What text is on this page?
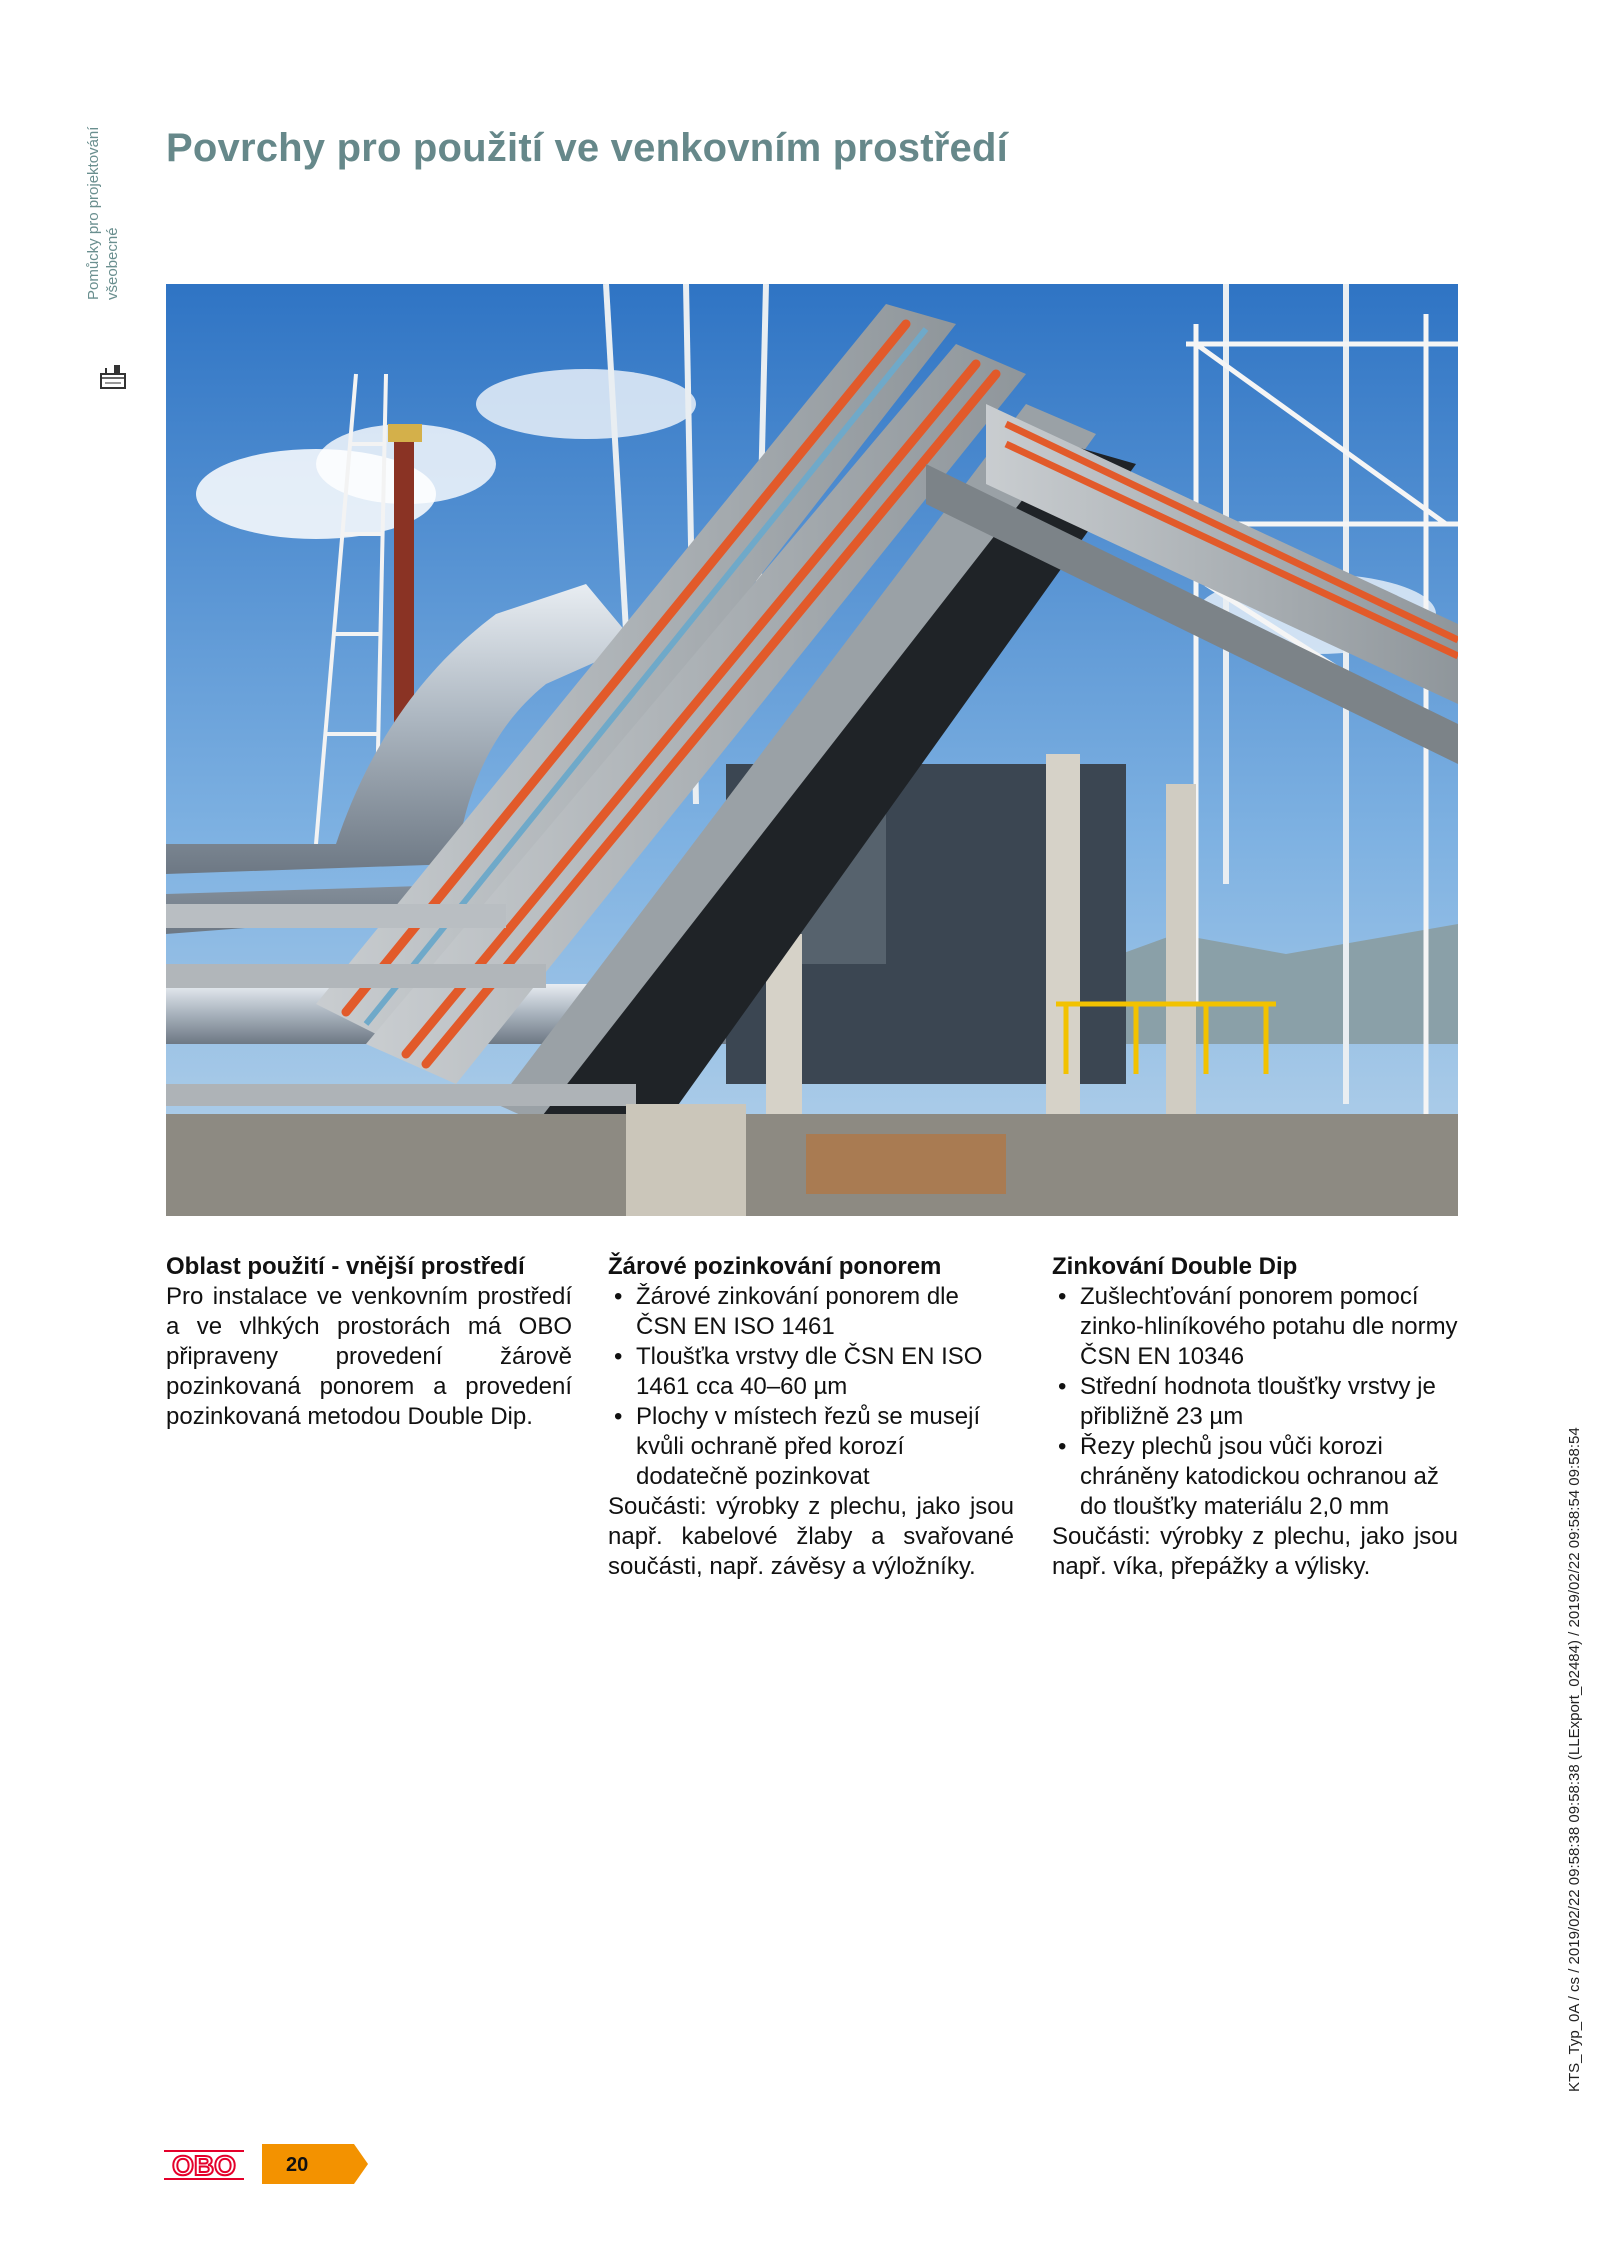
Pomůcky pro projektování všeobecné
Povrchy pro použití ve venkovním prostředí
Oblast použití - vnější prostředí

Pro instalace ve venkovním prostředí a ve vlhkých prostorách má OBO připraveny provedení žárově pozinkovaná ponorem a provedení pozinkovaná metodou Double Dip.

Žárové pozinkování ponorem
• Žárové zinkování ponorem dle ČSN EN ISO 1461
• Tloušťka vrstvy dle ČSN EN ISO 1461 cca 40–60 µm
• Plochy v místech řezů se musejí kvůli ochraně před korozí dodatečně pozinkovat

Součásti: výrobky z plechu, jako jsou např. kabelové žlaby a svařované součásti, např. závěsy a výložníky.

Zinkování Double Dip
• Zušlechťování ponorem pomocí zinko-hliníkového potahu dle normy ČSN EN 10346
• Střední hodnota tloušťky vrstvy je přibližně 23 µm
• Řezy plechů jsou vůči korozi chráněny katodickou ochranou až do tloušťky materiálu 2,0 mm

Součásti: výrobky z plechu, jako jsou např. víka, přepážky a výlisky.	KTS_Typ_0A / cs / 2019/02/22 09:58:38 09:58:38 (LLExport_02484) / 2019/02/22 09:58:54 09:58:54
OBO	20
